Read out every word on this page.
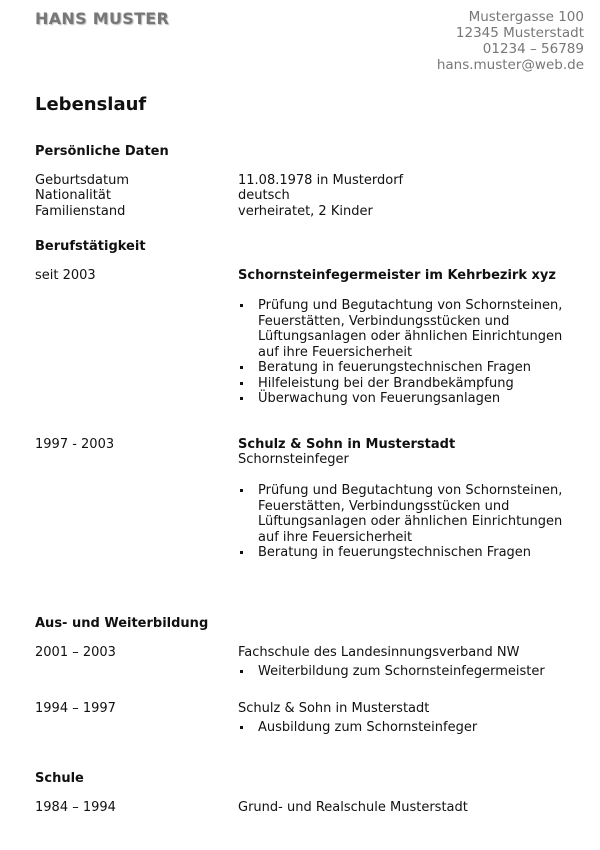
HANS MUSTER	Mustergasse 100
12345 Musterstadt
01234 – 56789
hans.muster@web.de
Lebenslauf
Persönliche Daten
Geburtsdatum	11.08.1978 in Musterdorf
Nationalität	deutsch
Familienstand	verheiratet, 2 Kinder
Berufstätigkeit
seit 2003	Schornsteinfegermeister im Kehrbezirk xyz
Prüfung und Begutachtung von Schornsteinen, Feuerstätten, Verbindungsstücken und Lüftungsanlagen oder ähnlichen Einrichtungen auf ihre Feuersicherheit
Beratung in feuerungstechnischen Fragen
Hilfeleistung bei der Brandbekämpfung
Überwachung von Feuerungsanlagen
1997 - 2003	Schulz & Sohn in Musterstadt
Schornsteinfeger
Prüfung und Begutachtung von Schornsteinen, Feuerstätten, Verbindungsstücken und Lüftungsanlagen oder ähnlichen Einrichtungen auf ihre Feuersicherheit
Beratung in feuerungstechnischen Fragen
Aus- und Weiterbildung
2001 – 2003	Fachschule des Landesinnungsverband NW
Weiterbildung zum Schornsteinfegermeister
1994 – 1997	Schulz & Sohn in Musterstadt
Ausbildung zum Schornsteinfeger
Schule
1984 – 1994	Grund- und Realschule Musterstadt
